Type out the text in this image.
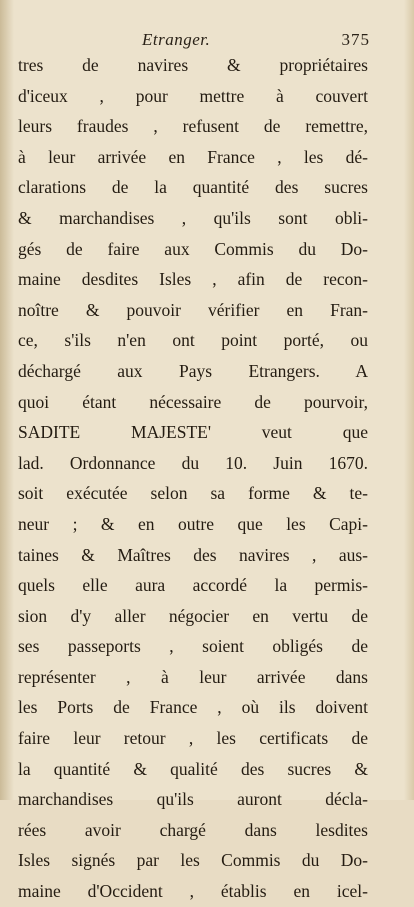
Etranger.	375
tres de navires & propriétaires
d'iceux , pour mettre à couvert
leurs fraudes , refusent de remettre,
à leur arrivée en France , les dé-
clarations de la quantité des sucres
& marchandises , qu'ils sont obli-
gés de faire aux Commis du Do-
maine desdites Isles , afin de recon-
noître & pouvoir vérifier en Fran-
ce, s'ils n'en ont point porté, ou
déchargé aux Pays Etrangers. A
quoi étant nécessaire de pourvoir,
SADITE MAJESTE' veut que
lad. Ordonnance du 10. Juin 1670.
soit exécutée selon sa forme & te-
neur ; & en outre que les Capi-
taines & Maîtres des navires , aus-
quels elle aura accordé la permis-
sion d'y aller négocier en vertu de
ses passeports , soient obligés de
représenter , à leur arrivée dans
les Ports de France , où ils doivent
faire leur retour , les certificats de
la quantité & qualité des sucres &
marchandises qu'ils auront décla-
rées avoir chargé dans lesdites
Isles signés par les Commis du Do-
maine d'Occident , établis en icel-
